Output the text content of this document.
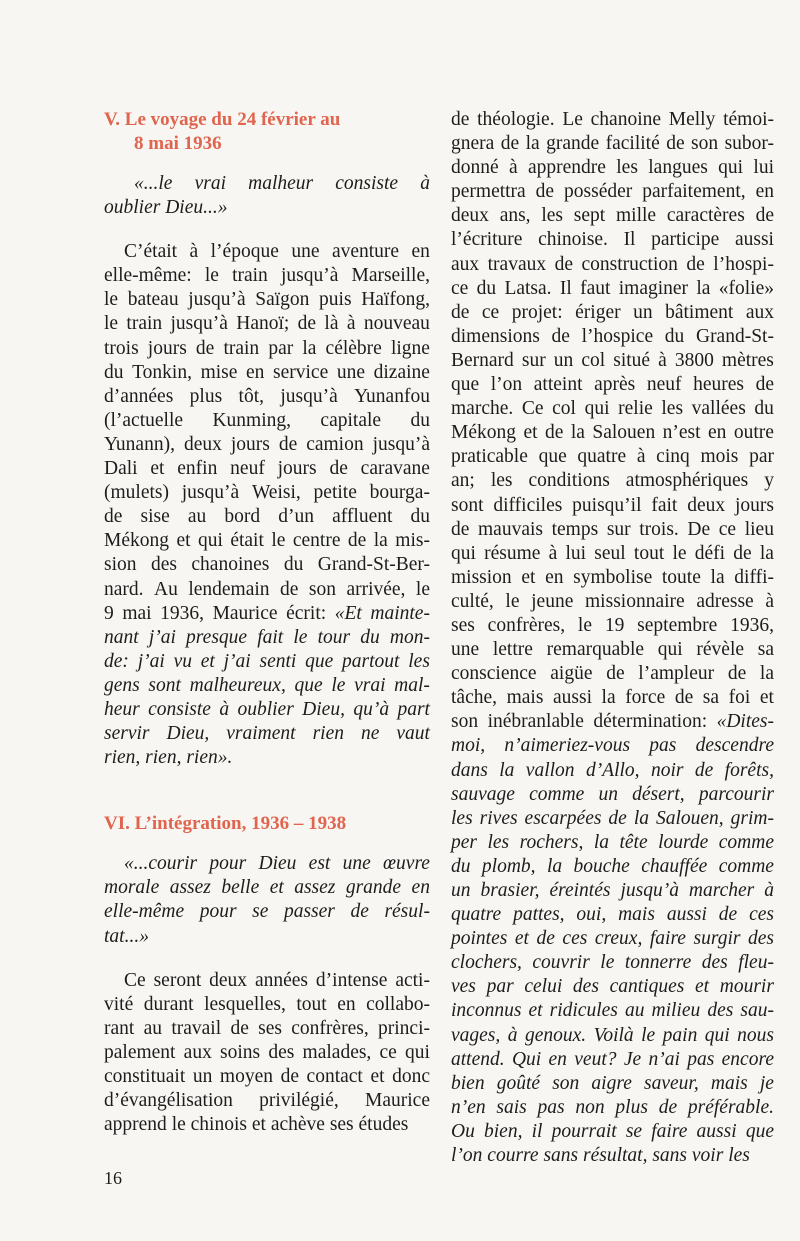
V. Le voyage du 24 février au
8 mai 1936
«...le vrai malheur consiste à
oublier Dieu...»
C’était à l’époque une aventure en
elle-même: le train jusqu’à Marseille,
le bateau jusqu’à Saïgon puis Haïfong,
le train jusqu’à Hanoï; de là à nouveau
trois jours de train par la célèbre ligne
du Tonkin, mise en service une dizaine
d’années plus tôt, jusqu’à Yunanfou
(l’actuelle Kunming, capitale du
Yunann), deux jours de camion jusqu’à
Dali et enfin neuf jours de caravane
(mulets) jusqu’à Weisi, petite bourga-
de sise au bord d’un affluent du
Mékong et qui était le centre de la mis-
sion des chanoines du Grand-St-Ber-
nard. Au lendemain de son arrivée, le
9 mai 1936, Maurice écrit: «Et mainte-
nant j’ai presque fait le tour du mon-
de: j’ai vu et j’ai senti que partout les
gens sont malheureux, que le vrai mal-
heur consiste à oublier Dieu, qu’à part
servir Dieu, vraiment rien ne vaut
rien, rien, rien».
VI. L’intégration, 1936 – 1938
«...courir pour Dieu est une œuvre
morale assez belle et assez grande en
elle-même pour se passer de résul-
tat...»
Ce seront deux années d’intense acti-
vité durant lesquelles, tout en collabo-
rant au travail de ses confrères, princi-
palement aux soins des malades, ce qui
constituait un moyen de contact et donc
d’évangélisation privilégié, Maurice
apprend le chinois et achève ses études
de théologie. Le chanoine Melly témoi-
gnera de la grande facilité de son subor-
donné à apprendre les langues qui lui
permettra de posséder parfaitement, en
deux ans, les sept mille caractères de
l’écriture chinoise. Il participe aussi
aux travaux de construction de l’hospi-
ce du Latsa. Il faut imaginer la «folie»
de ce projet: ériger un bâtiment aux
dimensions de l’hospice du Grand-St-
Bernard sur un col situé à 3800 mètres
que l’on atteint après neuf heures de
marche. Ce col qui relie les vallées du
Mékong et de la Salouen n’est en outre
praticable que quatre à cinq mois par
an; les conditions atmosphériques y
sont difficiles puisqu’il fait deux jours
de mauvais temps sur trois. De ce lieu
qui résume à lui seul tout le défi de la
mission et en symbolise toute la diffi-
culté, le jeune missionnaire adresse à
ses confrères, le 19 septembre 1936,
une lettre remarquable qui révèle sa
conscience aigüe de l’ampleur de la
tâche, mais aussi la force de sa foi et
son inébranlable détermination: «Dites-
moi, n’aimeriez-vous pas descendre
dans la vallon d’Allo, noir de forêts,
sauvage comme un désert, parcourir
les rives escarpées de la Salouen, grim-
per les rochers, la tête lourde comme
du plomb, la bouche chauffée comme
un brasier, éreintés jusqu’à marcher à
quatre pattes, oui, mais aussi de ces
pointes et de ces creux, faire surgir des
clochers, couvrir le tonnerre des fleu-
ves par celui des cantiques et mourir
inconnus et ridicules au milieu des sau-
vages, à genoux. Voilà le pain qui nous
attend. Qui en veut? Je n’ai pas encore
bien goûté son aigre saveur, mais je
n’en sais pas non plus de préférable.
Ou bien, il pourrait se faire aussi que
l’on courre sans résultat, sans voir les
16
